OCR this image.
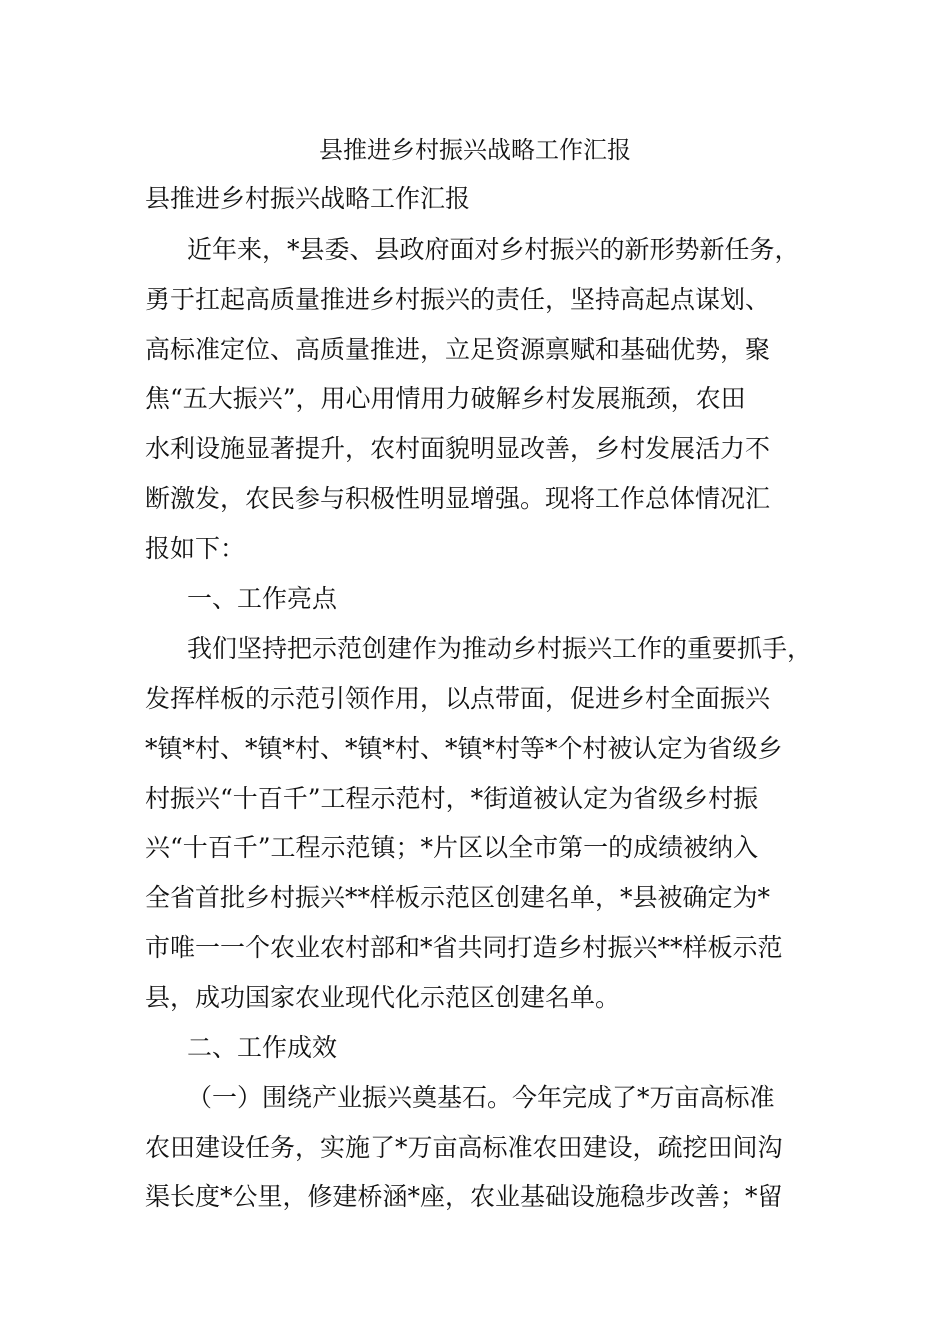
县推进乡村振兴战略工作汇报
县推进乡村振兴战略工作汇报
近年来，*县委、县政府面对乡村振兴的新形势新任务，
勇于扛起高质量推进乡村振兴的责任，坚持高起点谋划、
高标准定位、高质量推进，立足资源禀赋和基础优势，聚
焦“五大振兴”，用心用情用力破解乡村发展瓶颈，农田
水利设施显著提升，农村面貌明显改善，乡村发展活力不
断激发，农民参与积极性明显增强。现将工作总体情况汇
报如下：
一、工作亮点
我们坚持把示范创建作为推动乡村振兴工作的重要抓手，
发挥样板的示范引领作用，以点带面，促进乡村全面振兴
*镇*村、*镇*村、*镇*村、*镇*村等*个村被认定为省级乡
村振兴“十百千”工程示范村，*街道被认定为省级乡村振
兴“十百千”工程示范镇；*片区以全市第一的成绩被纳入
全省首批乡村振兴**样板示范区创建名单，*县被确定为*
市唯一一个农业农村部和*省共同打造乡村振兴**样板示范
县，成功国家农业现代化示范区创建名单。
二、工作成效
（一）围绕产业振兴奠基石。今年完成了*万亩高标准
农田建设任务，实施了*万亩高标准农田建设，疏挖田间沟
渠长度*公里，修建桥涵*座，农业基础设施稳步改善；*留
